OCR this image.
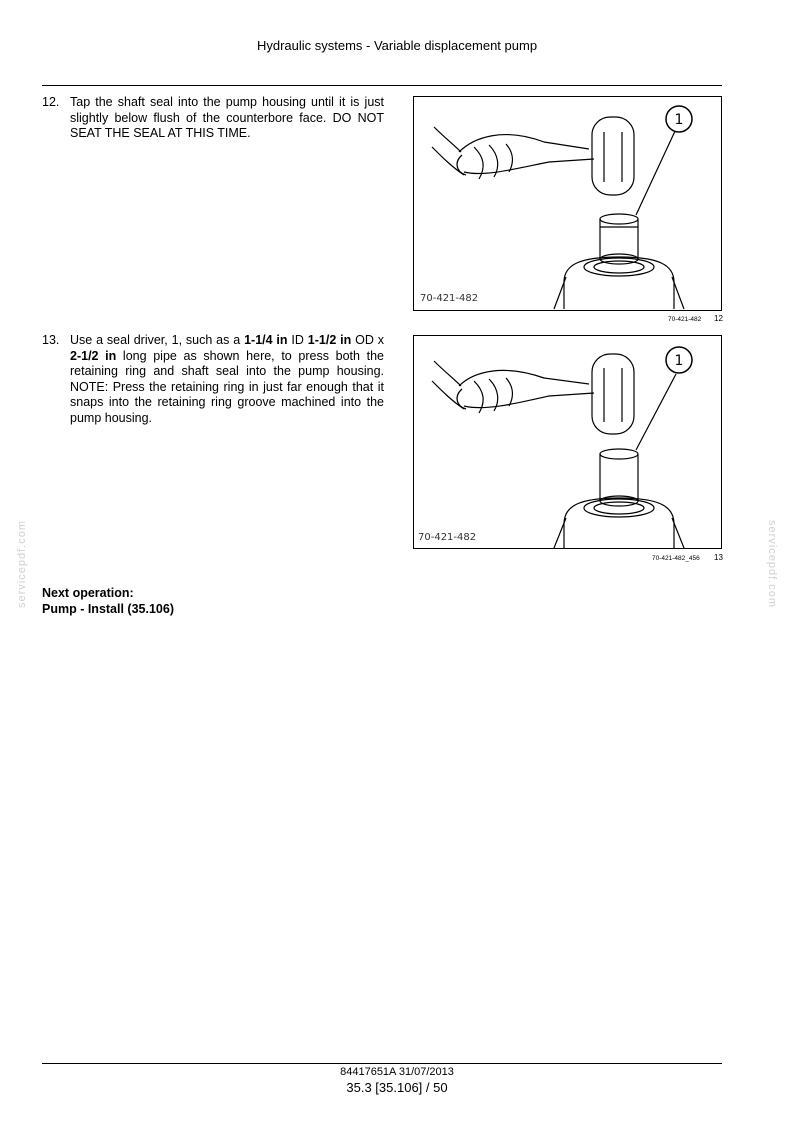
Hydraulic systems - Variable displacement pump
12. Tap the shaft seal into the pump housing until it is just slightly below flush of the counterbore face. DO NOT SEAT THE SEAL AT THIS TIME.
1
70-421-482
70-421-482 12
13. Use a seal driver, 1, such as a 1-1/4 in ID 1-1/2 in OD x 2-1/2 in long pipe as shown here, to press both the retaining ring and shaft seal into the pump housing. NOTE: Press the retaining ring in just far enough that it snaps into the retaining ring groove machined into the pump housing.
1
70-421-482
70-421-482_456 13
Next operation:
Pump - Install (35.106)
servicepdf.com	servicepdf.com
84417651A 31/07/2013
35.3 [35.106] / 50
